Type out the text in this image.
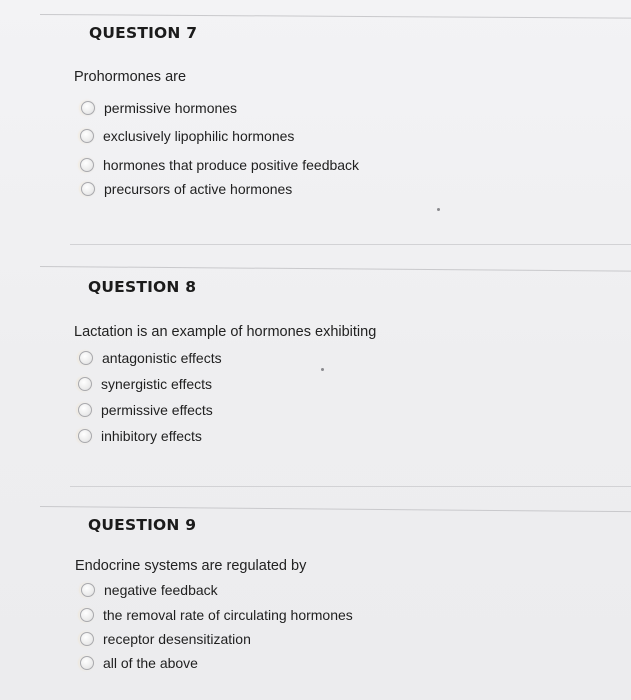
QUESTION 7

Prohormones are

permissive hormones
exclusively lipophilic hormones
hormones that produce positive feedback
precursors of active hormones
QUESTION 8

Lactation is an example of hormones exhibiting

antagonistic effects
synergistic effects
permissive effects
inhibitory effects
QUESTION 9

Endocrine systems are regulated by

negative feedback
the removal rate of circulating hormones
receptor desensitization
all of the above
